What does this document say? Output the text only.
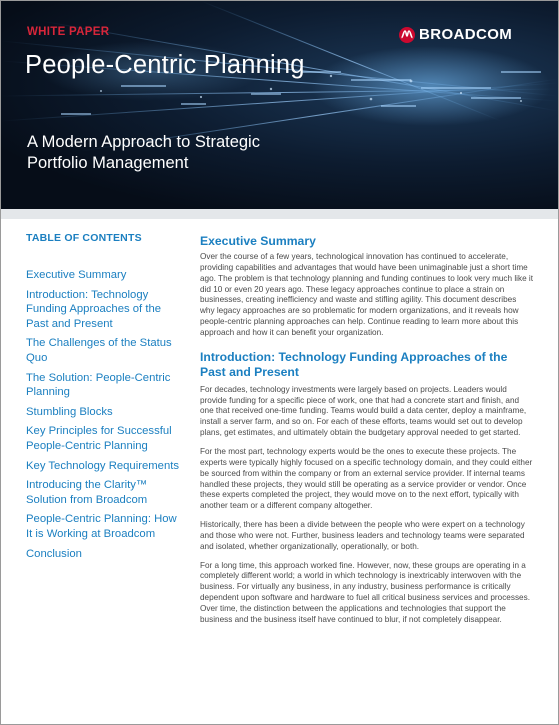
WHITE PAPER	BROADCOM
People-Centric Planning
A Modern Approach to Strategic
Portfolio Management
TABLE OF CONTENTS
Executive Summary
Introduction: Technology Funding Approaches of the Past and Present
The Challenges of the Status Quo
The Solution: People-Centric Planning
Stumbling Blocks
Key Principles for Successful People-Centric Planning
Key Technology Requirements
Introducing the Clarity™ Solution from Broadcom
People-Centric Planning: How It is Working at Broadcom
Conclusion
Executive Summary

Over the course of a few years, technological innovation has continued to accelerate, providing capabilities and advantages that would have been unimaginable just a short time ago. The problem is that technology planning and funding continues to look very much like it did 10 or even 20 years ago. These legacy approaches continue to place a strain on businesses, creating inefficiency and waste and stifling agility. This document describes why legacy approaches are so problematic for modern organizations, and it reveals how people-centric planning approaches can help. Continue reading to learn more about this approach and how it can benefit your organization.

Introduction: Technology Funding Approaches of the Past and Present

For decades, technology investments were largely based on projects. Leaders would provide funding for a specific piece of work, one that had a concrete start and finish, and one that received one-time funding. Teams would build a data center, deploy a mainframe, install a server farm, and so on. For each of these efforts, teams would set out to develop plans, get estimates, and ultimately obtain the budgetary approval needed to get started.

For the most part, technology experts would be the ones to execute these projects. The experts were typically highly focused on a specific technology domain, and they could either be sourced from within the company or from an external service provider. If internal teams handled these projects, they would still be operating as a service provider or vendor. Once these experts completed the project, they would move on to the next effort, typically with another team or a different company altogether.

Historically, there has been a divide between the people who were expert on a technology and those who were not. Further, business leaders and technology teams were separated and isolated, whether organizationally, operationally, or both.

For a long time, this approach worked fine. However, now, these groups are operating in a completely different world; a world in which technology is inextricably interwoven with the business. For virtually any business, in any industry, business performance is critically dependent upon software and hardware to fuel all critical business services and processes. Over time, the distinction between the applications and technologies that support the business and the business itself have continued to blur, if not completely disappear.
